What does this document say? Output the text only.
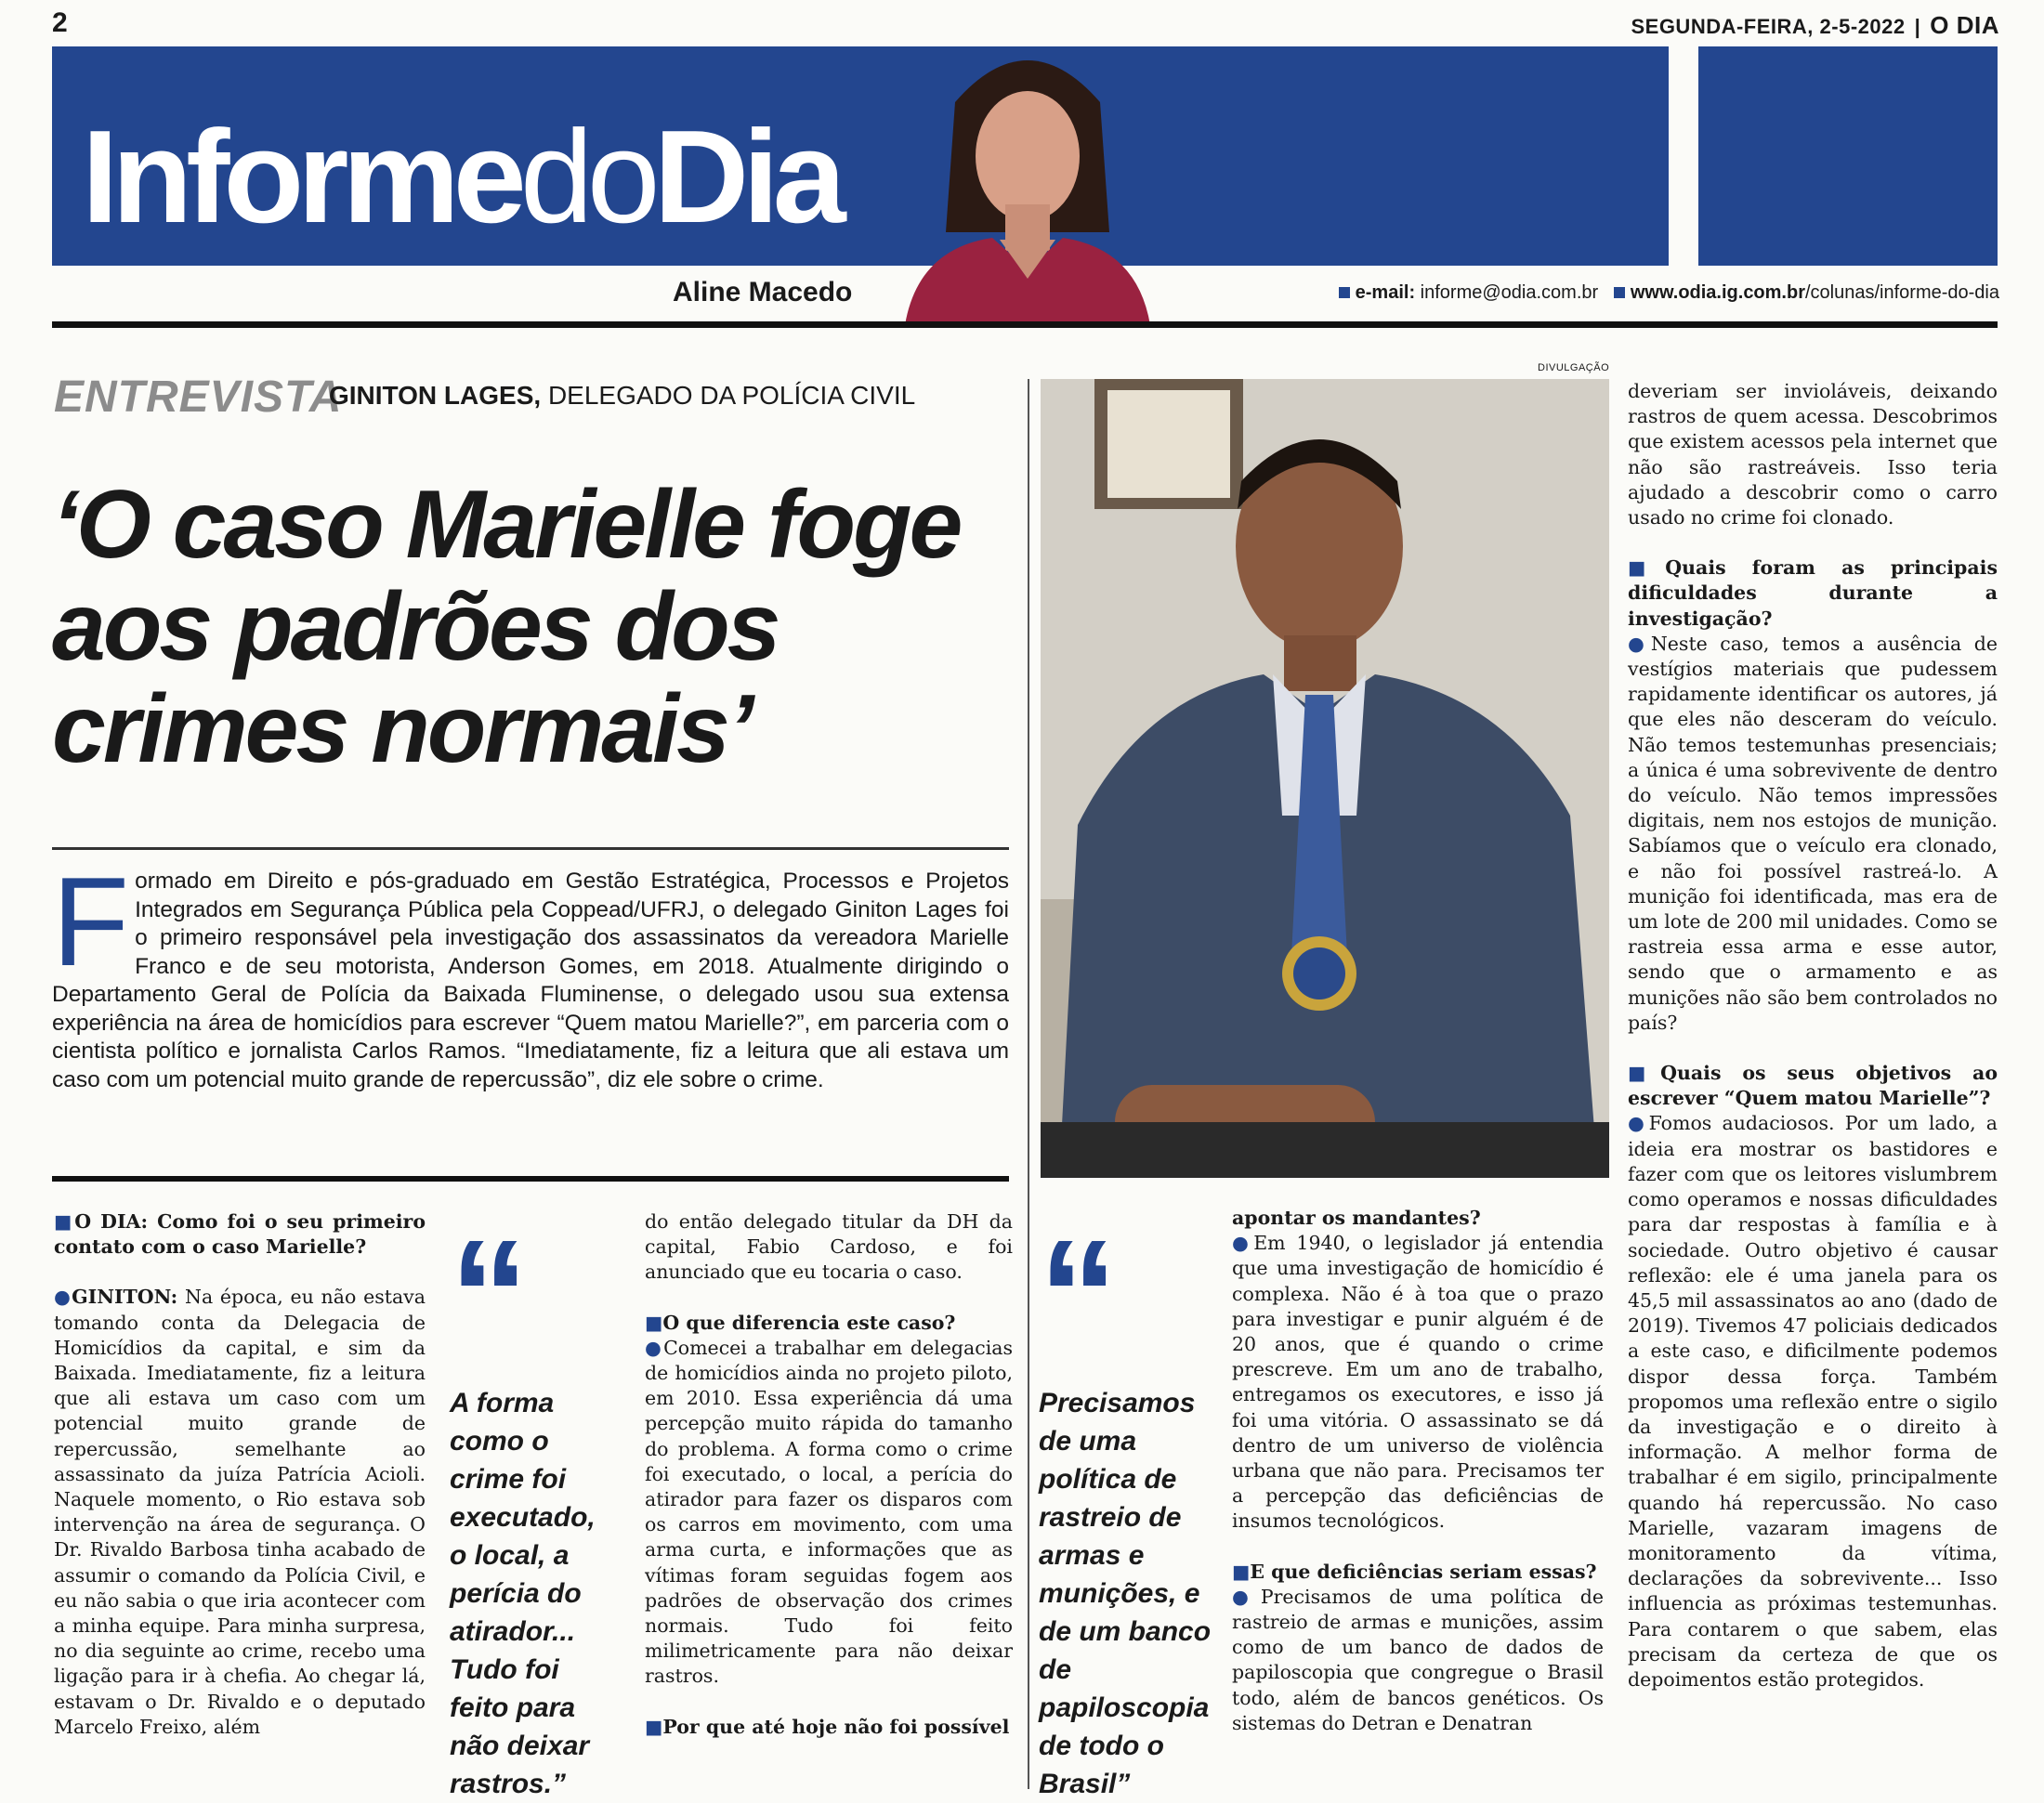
2	SEGUNDA-FEIRA, 2-5-2022 | O DIA
InformedoDia
Aline Macedo	e-mail: informe@odia.com.br www.odia.ig.com.br/colunas/informe-do-dia
DIVULGAÇÃO
ENTREVISTA
GINITON LAGES, DELEGADO DA POLÍCIA CIVIL
‘O caso Marielle foge aos padrões dos crimes normais’
Formado em Direito e pós-graduado em Gestão Estratégica, Processos e Projetos Integrados em Segurança Pública pela Coppead/UFRJ, o delegado Giniton Lages foi o primeiro responsável pela investigação dos assassinatos da vereadora Marielle Franco e de seu motorista, Anderson Gomes, em 2018. Atualmente dirigindo o Departamento Geral de Polícia da Baixada Fluminense, o delegado usou sua extensa experiência na área de homicídios para escrever “Quem matou Marielle?”, em parceria com o cientista político e jornalista Carlos Ramos. “Imediatamente, fiz a leitura que ali estava um caso com um potencial muito grande de repercussão”, diz ele sobre o crime.

■O DIA: Como foi o seu primeiro contato com o caso Marielle?

●GINITON: Na época, eu não estava tomando conta da Delegacia de Homicídios da capital, e sim da Baixada. Imediatamente, fiz a leitura que ali estava um caso com um potencial muito grande de repercussão, semelhante ao assassinato da juíza Patrícia Acioli. Naquele momento, o Rio estava sob intervenção na área de segurança. O Dr. Rivaldo Barbosa tinha acabado de assumir o comando da Polícia Civil, e eu não sabia o que iria acontecer com a minha equipe. Para minha surpresa, no dia seguinte ao crime, recebo uma ligação para ir à chefia. Ao chegar lá, estavam o Dr. Rivaldo e o deputado Marcelo Freixo, além

“
A forma como o crime foi executado, o local, a perícia do atirador... Tudo foi feito para não deixar rastros.”

do então delegado titular da DH da capital, Fabio Cardoso, e foi anunciado que eu tocaria o caso.

■O que diferencia este caso?

●Comecei a trabalhar em delegacias de homicídios ainda no projeto piloto, em 2010. Essa experiência dá uma percepção muito rápida do tamanho do problema. A forma como o crime foi executado, o local, a perícia do atirador para fazer os disparos com os carros em movimento, com uma arma curta, e informações que as vítimas foram seguidas fogem aos padrões de observação dos crimes normais. Tudo foi feito milimetricamente para não deixar rastros.

■Por que até hoje não foi possível

“
Precisamos de uma política de rastreio de armas e munições, e de um banco de papiloscopia de todo o Brasil”

apontar os mandantes?

●Em 1940, o legislador já entendia que uma investigação de homicídio é complexa. Não é à toa que o prazo para investigar e punir alguém é de 20 anos, que é quando o crime prescreve. Em um ano de trabalho, entregamos os executores, e isso já foi uma vitória. O assassinato se dá dentro de um universo de violência urbana que não para. Precisamos ter a percepção das deficiências de insumos tecnológicos.

■E que deficiências seriam essas?

●Precisamos de uma política de rastreio de armas e munições, assim como de um banco de dados de papiloscopia que congregue o Brasil todo, além de bancos genéticos. Os sistemas do Detran e Denatran

deveriam ser invioláveis, deixando rastros de quem acessa. Descobrimos que existem acessos pela internet que não são rastreáveis. Isso teria ajudado a descobrir como o carro usado no crime foi clonado.

■Quais foram as principais dificuldades durante a investigação?

●Neste caso, temos a ausência de vestígios materiais que pudessem rapidamente identificar os autores, já que eles não desceram do veículo. Não temos testemunhas presenciais; a única é uma sobrevivente de dentro do veículo. Não temos impressões digitais, nem nos estojos de munição. Sabíamos que o veículo era clonado, e não foi possível rastreá-lo. A munição foi identificada, mas era de um lote de 200 mil unidades. Como se rastreia essa arma e esse autor, sendo que o armamento e as munições não são bem controlados no país?

■Quais os seus objetivos ao escrever “Quem matou Marielle”?

●Fomos audaciosos. Por um lado, a ideia era mostrar os bastidores e fazer com que os leitores vislumbrem como operamos e nossas dificuldades para dar respostas à família e à sociedade. Outro objetivo é causar reflexão: ele é uma janela para os 45,5 mil assassinatos ao ano (dado de 2019). Tivemos 47 policiais dedicados a este caso, e dificilmente podemos dispor dessa força. Também propomos uma reflexão entre o sigilo da investigação e o direito à informação. A melhor forma de trabalhar é em sigilo, principalmente quando há repercussão. No caso Marielle, vazaram imagens de monitoramento da vítima, declarações da sobrevivente... Isso influencia as próximas testemunhas. Para contarem o que sabem, elas precisam da certeza de que os depoimentos estão protegidos.
